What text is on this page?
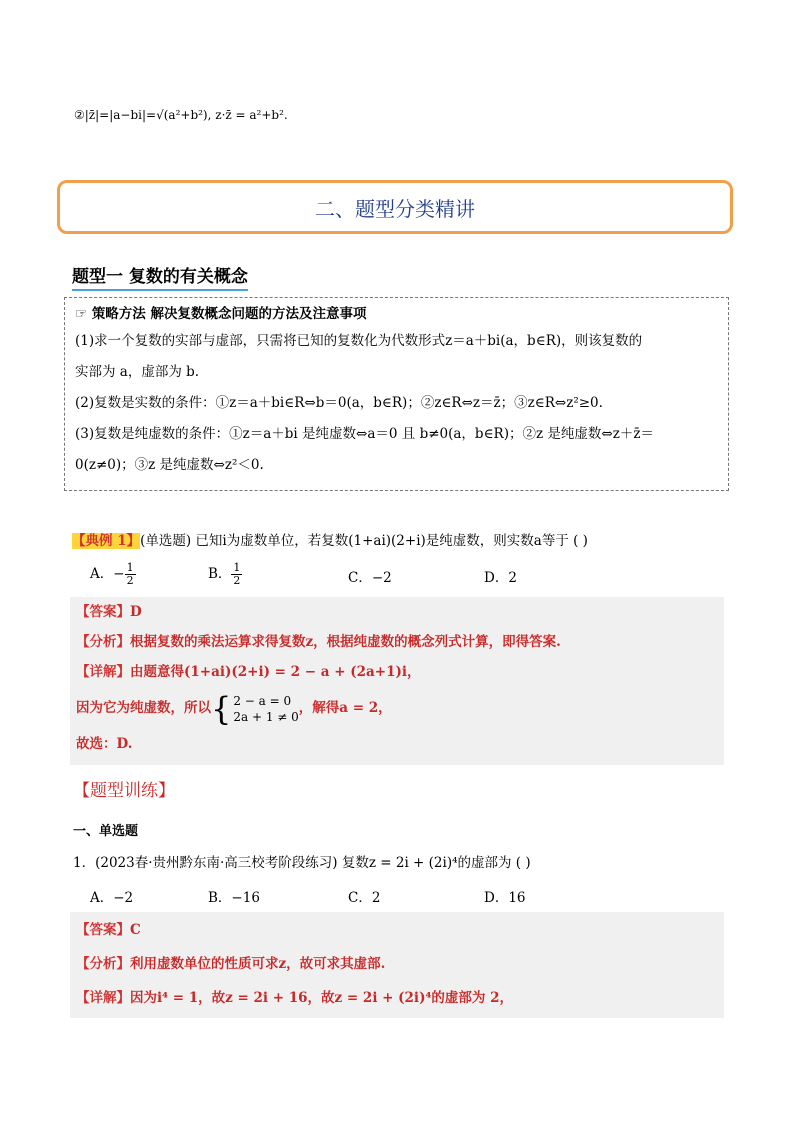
②|z̄|=|a−bi|=√(a²+b²), z·z̄ = a²+b².
二、题型分类精讲
题型一 复数的有关概念
☞ 策略方法 解决复数概念问题的方法及注意事项
(1)求一个复数的实部与虚部，只需将已知的复数化为代数形式z＝a＋bi(a，b∈R)，则该复数的
实部为 a，虚部为 b.
(2)复数是实数的条件：①z＝a＋bi∈R⇔b＝0(a，b∈R)；②z∈R⇔z＝z̄；③z∈R⇔z²≥0.
(3)复数是纯虚数的条件：①z＝a＋bi 是纯虚数⇔a＝0 且 b≠0(a，b∈R)；②z 是纯虚数⇔z＋z̄＝
0(z≠0)；③z 是纯虚数⇔z²＜0.
【典例 1】(单选题) 已知i为虚数单位，若复数(1+ai)(2+i)是纯虚数，则实数a等于 ( )
A．− $\frac{1}{2}$	B． $\frac{1}{2}$	C．−2	D．2
【答案】D
【分析】根据复数的乘法运算求得复数z，根据纯虚数的概念列式计算，即得答案.
【详解】由题意得(1+ai)(2+i) = 2 − a + (2a+1)i，
因为它为纯虚数，所以 { 2 − a = 0
2a + 1 ≠ 0
，解得a = 2，
故选：D.
【题型训练】
一、单选题
1．(2023春·贵州黔东南·高三校考阶段练习) 复数z = 2i + (2i)⁴的虚部为 ( )
A．−2	B．−16	C．2	D．16
【答案】C
【分析】利用虚数单位的性质可求z，故可求其虚部.
【详解】因为i⁴ = 1，故z = 2i + 16，故z = 2i + (2i)⁴的虚部为 2，
